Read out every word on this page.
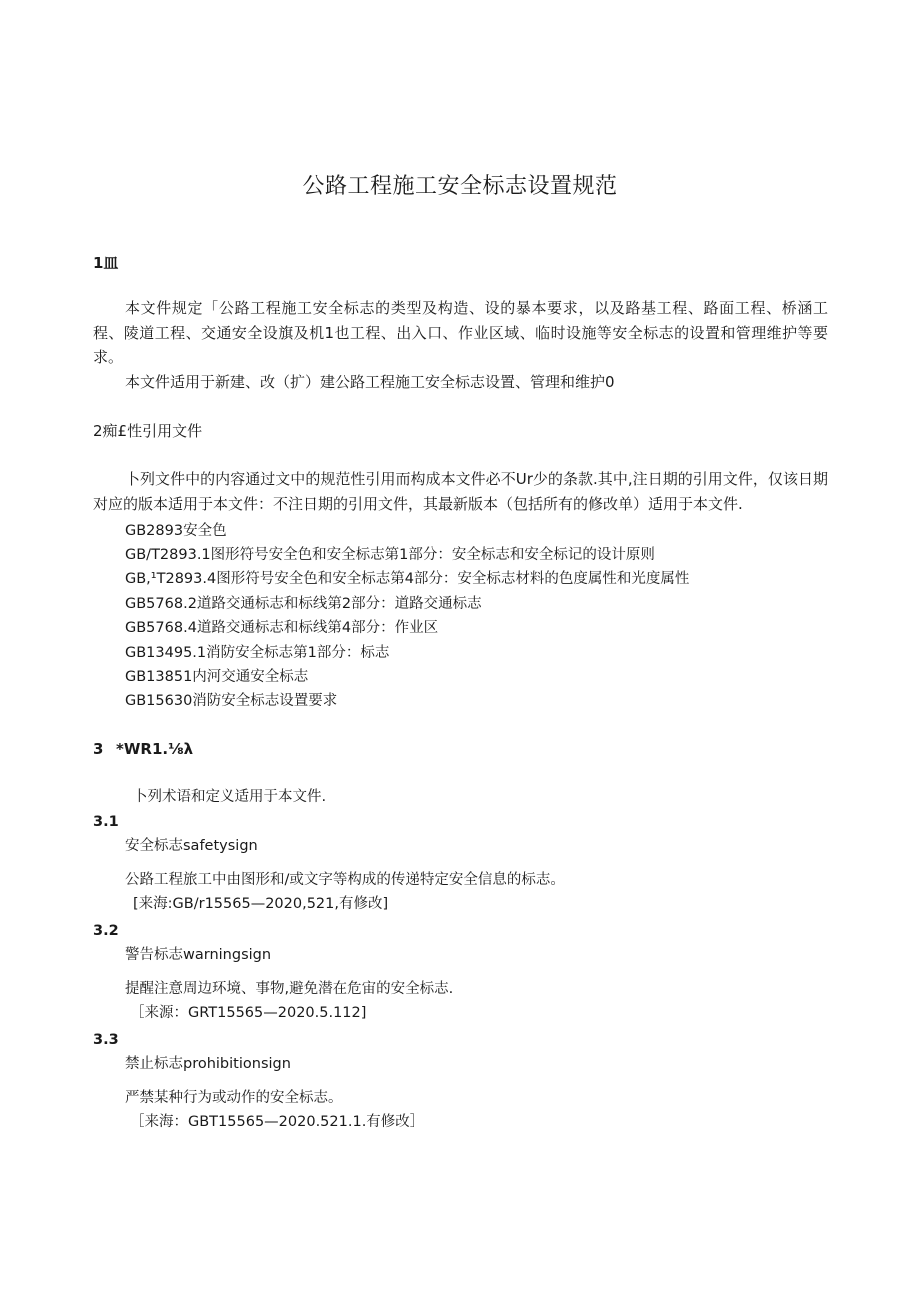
公路工程施工安全标志设置规范
1皿
本文件规定「公路工程施工安全标志的类型及构造、设的暴本要求，以及路基工程、路面工程、桥涵工程、陵道工程、交通安全设旗及机1也工程、出入口、作业区域、临时设施等安全标志的设置和管理维护等要求。
本文件适用于新建、改（扩）建公路工程施工安全标志设置、管理和维护0
2痴£性引用文件
卜列文件中的内容通过文中的规范性引用而构成本文件必不Ur少的条款.其中,注日期的引用文件，仅该日期对应的版本适用于本文件：不注日期的引用文件，其最新版本（包括所有的修改单）适用于本文件.
GB2893安全色
GB/T2893.1图形符号安全色和安全标志第1部分：安全标志和安全标记的设计原则
GB,¹T2893.4图形符号安全色和安全标志第4部分：安全标志材料的色度属性和光度属性
GB5768.2道路交通标志和标线第2部分：道路交通标志
GB5768.4道路交通标志和标线第4部分：作业区
GB13495.1消防安全标志第1部分：标志
GB13851内河交通安全标志
GB15630消防安全标志设置要求
3 *WR1.⅛λ
卜列术语和定义适用于本文件.
3.1
安全标志safetysign
公路工程旅工中由图形和/或文字等构成的传递特定安全信息的标志。
[来海:GB/r15565—2020,521,有修改]
3.2
警告标志warningsign
提醒注意周边环境、事物,避免潜在危宙的安全标志.
［来源：GRT15565—2020.5.112]
3.3
禁止标志prohibitionsign
严禁某种行为或动作的安全标志。
［来海：GBT15565—2020.521.1.有修改］
